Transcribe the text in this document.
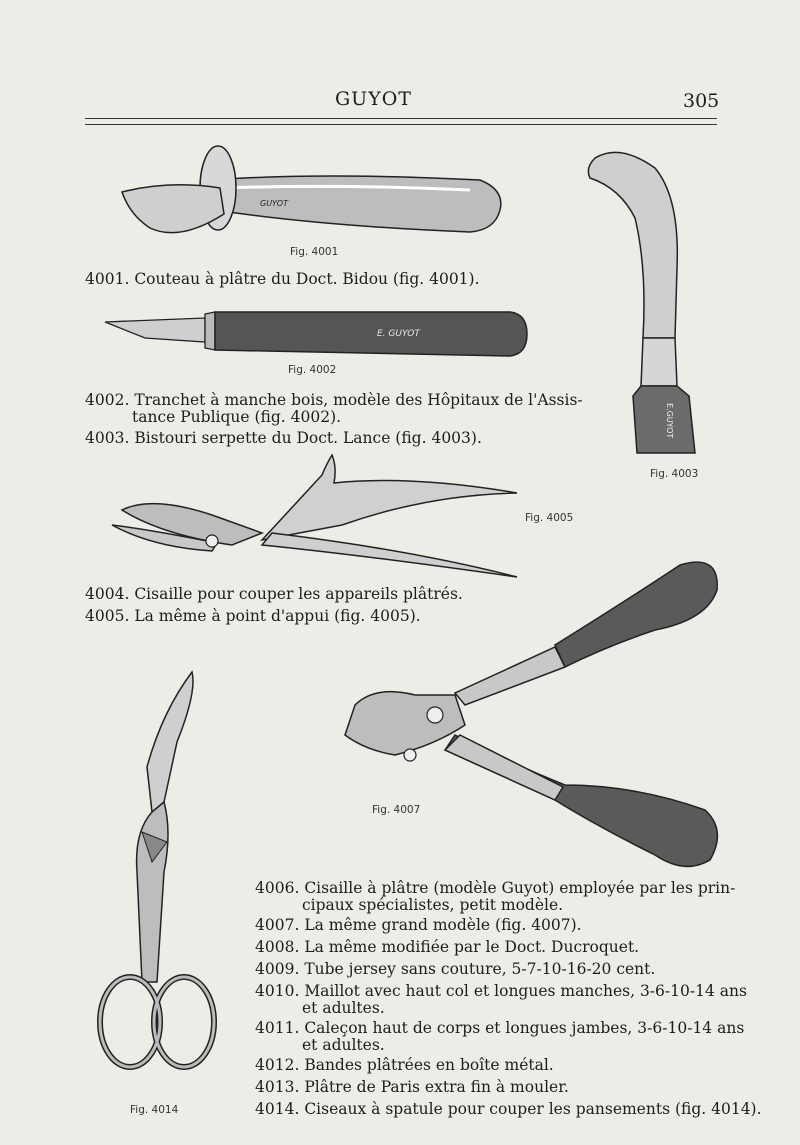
GUYOT	305
GUYOT
Fig. 4001
E.GUYOT
Fig. 4003
4001. Couteau à plâtre du Doct. Bidou (fig. 4001).
E. GUYOT
Fig. 4002
4002. Tranchet à manche bois, modèle des Hôpitaux de l'Assis-
tance Publique (fig. 4002).
4003. Bistouri serpette du Doct. Lance (fig. 4003).
Fig. 4005
4004. Cisaille pour couper les appareils plâtrés.
4005. La même à point d'appui (fig. 4005).
Fig. 4007
Fig. 4014
4006. Cisaille à plâtre (modèle Guyot) employée par les prin-
cipaux spécialistes, petit modèle.
4007. La même grand modèle (fig. 4007).
4008. La même modifiée par le Doct. Ducroquet.
4009. Tube jersey sans couture, 5-7-10-16-20 cent.
4010. Maillot avec haut col et longues manches, 3-6-10-14 ans
et adultes.
4011. Caleçon haut de corps et longues jambes, 3-6-10-14 ans
et adultes.
4012. Bandes plâtrées en boîte métal.
4013. Plâtre de Paris extra fin à mouler.
4014. Ciseaux à spatule pour couper les pansements (fig. 4014).
